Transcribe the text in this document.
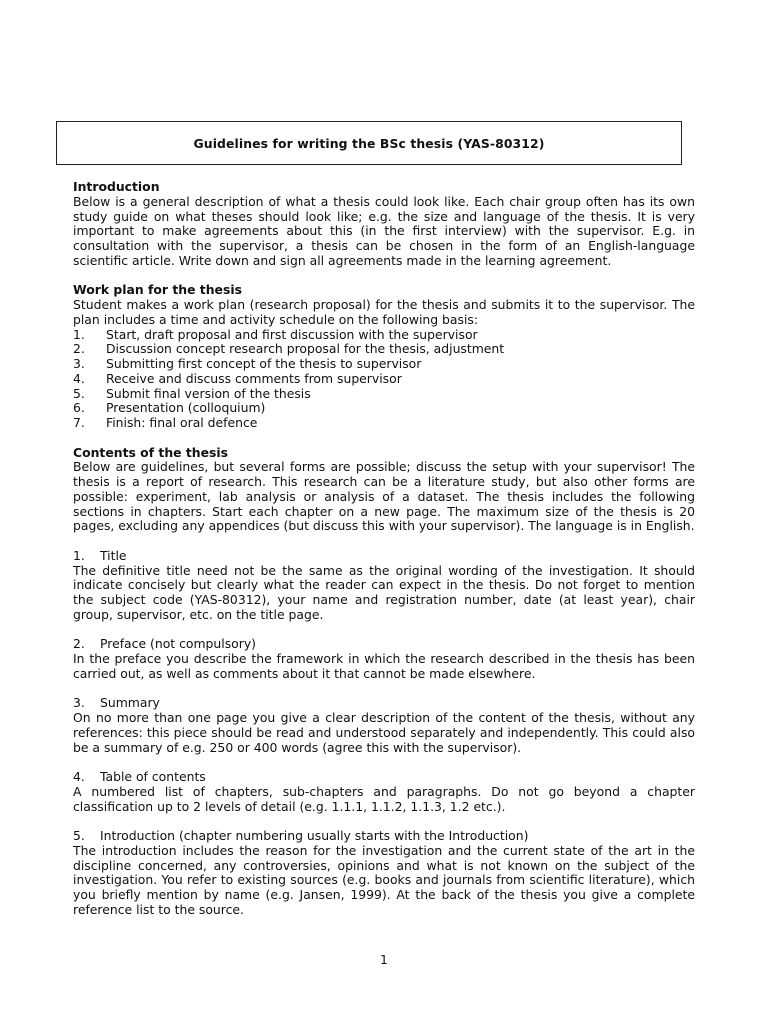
Guidelines for writing the BSc thesis (YAS-80312)

Introduction

Below is a general description of what a thesis could look like. Each chair group often has its own study guide on what theses should look like; e.g. the size and language of the thesis. It is very important to make agreements about this (in the first interview) with the supervisor. E.g. in consultation with the supervisor, a thesis can be chosen in the form of an English-language scientific article. Write down and sign all agreements made in the learning agreement.

Work plan for the thesis

Student makes a work plan (research proposal) for the thesis and submits it to the supervisor. The plan includes a time and activity schedule on the following basis:

1. Start, draft proposal and first discussion with the supervisor
2. Discussion concept research proposal for the thesis, adjustment
3. Submitting first concept of the thesis to supervisor
4. Receive and discuss comments from supervisor
5. Submit final version of the thesis
6. Presentation (colloquium)
7. Finish: final oral defence

Contents of the thesis

Below are guidelines, but several forms are possible; discuss the setup with your supervisor! The thesis is a report of research. This research can be a literature study, but also other forms are possible: experiment, lab analysis or analysis of a dataset. The thesis includes the following sections in chapters. Start each chapter on a new page. The maximum size of the thesis is 20 pages, excluding any appendices (but discuss this with your supervisor). The language is in English.

1. Title

The definitive title need not be the same as the original wording of the investigation. It should indicate concisely but clearly what the reader can expect in the thesis. Do not forget to mention the subject code (YAS-80312), your name and registration number, date (at least year), chair group, supervisor, etc. on the title page.

2. Preface (not compulsory)

In the preface you describe the framework in which the research described in the thesis has been carried out, as well as comments about it that cannot be made elsewhere.

3. Summary

On no more than one page you give a clear description of the content of the thesis, without any references: this piece should be read and understood separately and independently. This could also be a summary of e.g. 250 or 400 words (agree this with the supervisor).

4. Table of contents

A numbered list of chapters, sub-chapters and paragraphs. Do not go beyond a chapter classification up to 2 levels of detail (e.g. 1.1.1, 1.1.2, 1.1.3, 1.2 etc.).

5. Introduction (chapter numbering usually starts with the Introduction)

The introduction includes the reason for the investigation and the current state of the art in the discipline concerned, any controversies, opinions and what is not known on the subject of the investigation. You refer to existing sources (e.g. books and journals from scientific literature), which you briefly mention by name (e.g. Jansen, 1999). At the back of the thesis you give a complete reference list to the source.

1
